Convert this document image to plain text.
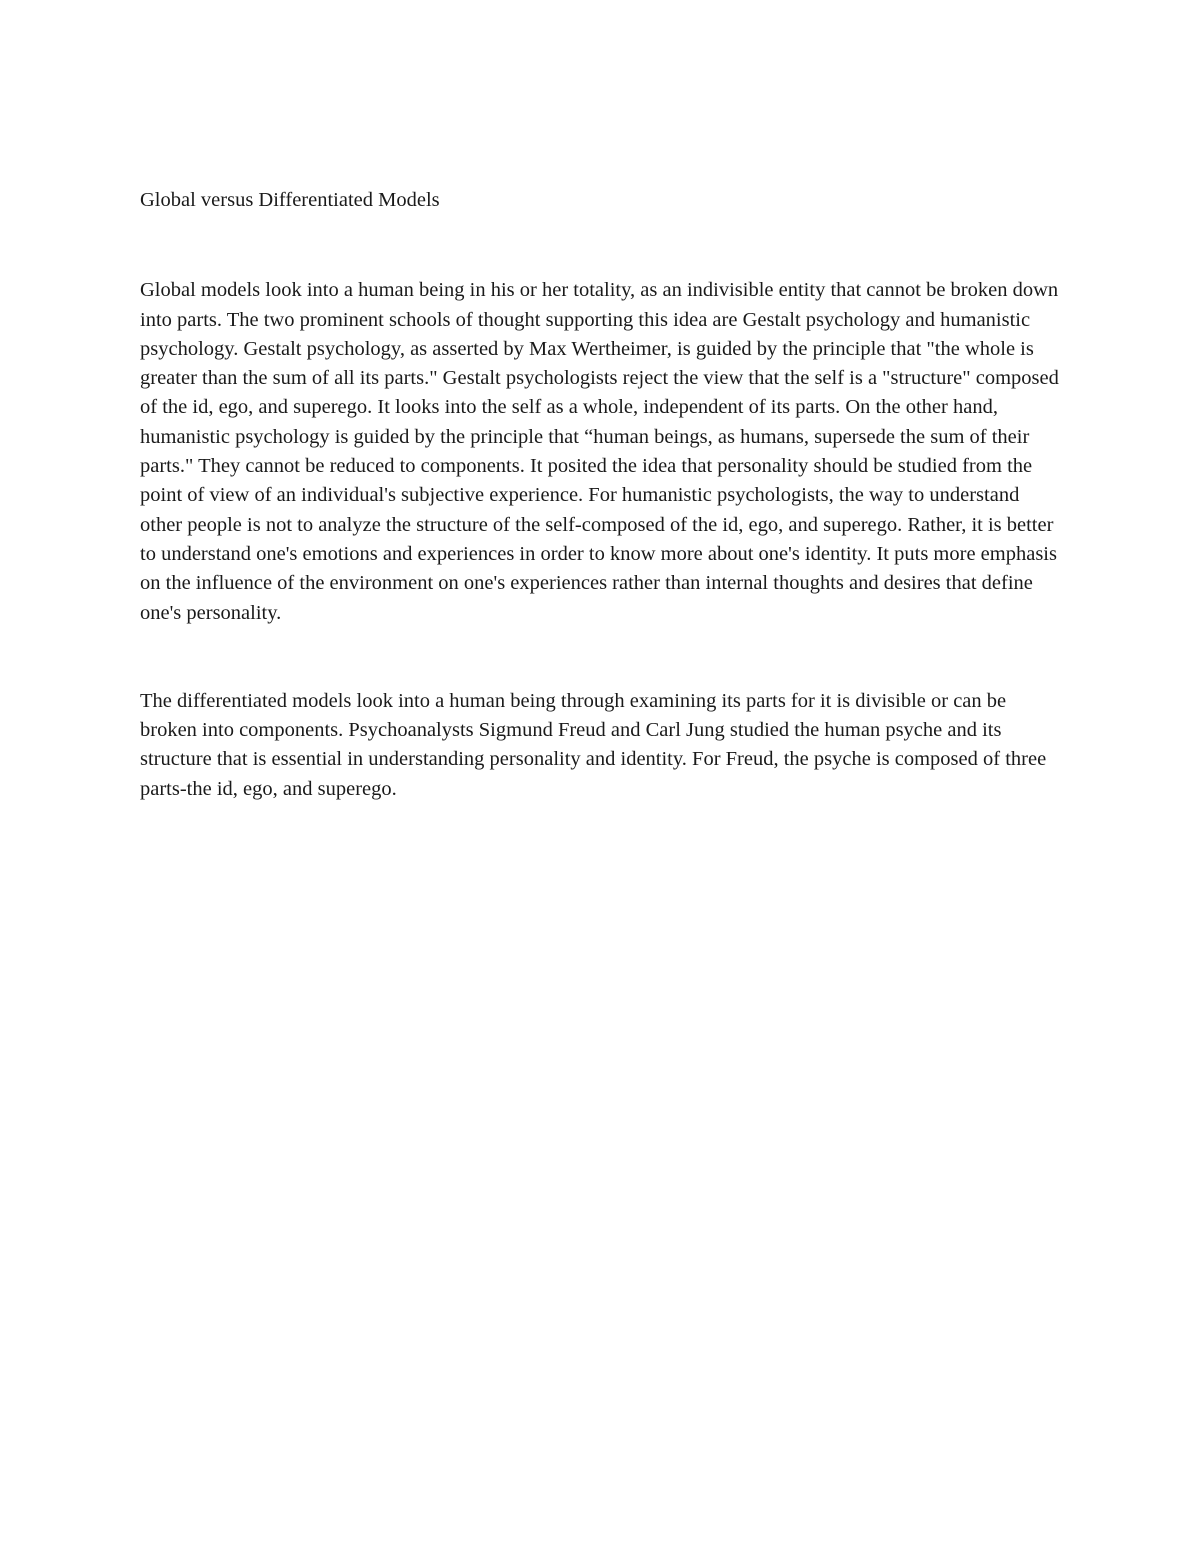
Global versus Differentiated Models

Global models look into a human being in his or her totality, as an indivisible entity that cannot be broken down into parts. The two prominent schools of thought supporting this idea are Gestalt psychology and humanistic psychology. Gestalt psychology, as asserted by Max Wertheimer, is guided by the principle that "the whole is greater than the sum of all its parts." Gestalt psychologists reject the view that the self is a "structure" composed of the id, ego, and superego. It looks into the self as a whole, independent of its parts. On the other hand, humanistic psychology is guided by the principle that “human beings, as humans, supersede the sum of their parts." They cannot be reduced to components. It posited the idea that personality should be studied from the point of view of an individual's subjective experience. For humanistic psychologists, the way to understand other people is not to analyze the structure of the self-composed of the id, ego, and superego. Rather, it is better to understand one's emotions and experiences in order to know more about one's identity. It puts more emphasis on the influence of the environment on one's experiences rather than internal thoughts and desires that define one's personality.

The differentiated models look into a human being through examining its parts for it is divisible or can be broken into components. Psychoanalysts Sigmund Freud and Carl Jung studied the human psyche and its structure that is essential in understanding personality and identity. For Freud, the psyche is composed of three parts-the id, ego, and superego.
